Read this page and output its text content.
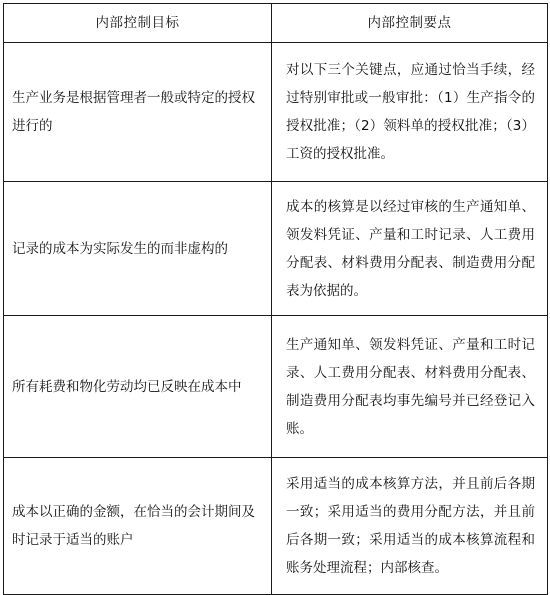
内部控制目标	内部控制要点
生产业务是根据管理者一般或特定的授权进行的	对以下三个关键点，应通过恰当手续，经过特别审批或一般审批：（1）生产指令的授权批准；（2）领料单的授权批准；（3）工资的授权批准。
记录的成本为实际发生的而非虚构的	成本的核算是以经过审核的生产通知单、领发料凭证、产量和工时记录、人工费用分配表、材料费用分配表、制造费用分配表为依据的。
所有耗费和物化劳动均已反映在成本中	生产通知单、领发料凭证、产量和工时记录、人工费用分配表、材料费用分配表、制造费用分配表均事先编号并已经登记入账。
成本以正确的金额，在恰当的会计期间及时记录于适当的账户	采用适当的成本核算方法，并且前后各期一致；采用适当的费用分配方法，并且前后各期一致；采用适当的成本核算流程和账务处理流程；内部核查。
